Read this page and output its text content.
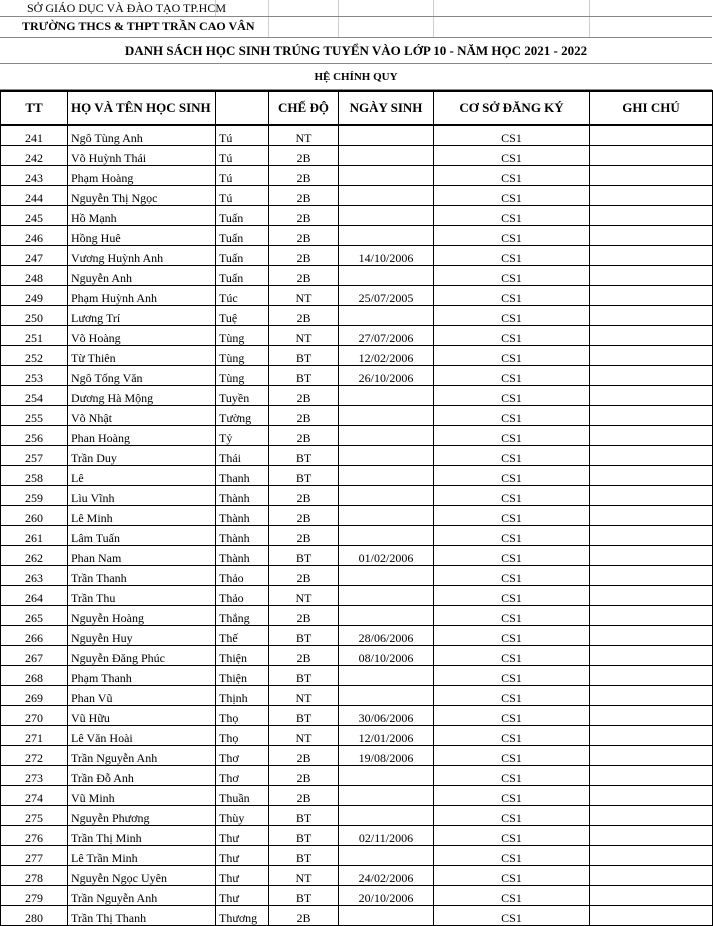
SỞ GIÁO DỤC VÀ ĐÀO TẠO TP.HCM
TRƯỜNG THCS & THPT TRẦN CAO VÂN
DANH SÁCH HỌC SINH TRÚNG TUYỂN VÀO LỚP 10 - NĂM HỌC 2021 - 2022
HỆ CHÍNH QUY
TT	HỌ VÀ TÊN HỌC SINH		CHẾ ĐỘ	NGÀY SINH	CƠ SỞ ĐĂNG KÝ	GHI CHÚ
241	Ngô Tùng Anh	Tú	NT		CS1	
242	Võ Huỳnh Thái	Tú	2B		CS1	
243	Phạm Hoàng	Tú	2B		CS1	
244	Nguyễn Thị Ngọc	Tú	2B		CS1	
245	Hồ Mạnh	Tuấn	2B		CS1	
246	Hồng Huê	Tuấn	2B		CS1	
247	Vương Huỳnh Anh	Tuấn	2B	14/10/2006	CS1	
248	Nguyễn Anh	Tuấn	2B		CS1	
249	Phạm Huỳnh Anh	Túc	NT	25/07/2005	CS1	
250	Lương Trí	Tuệ	2B		CS1	
251	Võ Hoàng	Tùng	NT	27/07/2006	CS1	
252	Từ Thiên	Tùng	BT	12/02/2006	CS1	
253	Ngô Tống Văn	Tùng	BT	26/10/2006	CS1	
254	Dương Hà Mộng	Tuyền	2B		CS1	
255	Võ Nhật	Tường	2B		CS1	
256	Phan Hoàng	Tỷ	2B		CS1	
257	Trần Duy	Thái	BT		CS1	
258	Lê	Thanh	BT		CS1	
259	Lìu Vĩnh	Thành	2B		CS1	
260	Lê Minh	Thành	2B		CS1	
261	Lâm Tuấn	Thành	2B		CS1	
262	Phan Nam	Thành	BT	01/02/2006	CS1	
263	Trần Thanh	Thảo	2B		CS1	
264	Trần Thu	Thảo	NT		CS1	
265	Nguyễn Hoàng	Thắng	2B		CS1	
266	Nguyễn Huy	Thế	BT	28/06/2006	CS1	
267	Nguyễn Đăng Phúc	Thiện	2B	08/10/2006	CS1	
268	Phạm Thanh	Thiện	BT		CS1	
269	Phan Vũ	Thịnh	NT		CS1	
270	Vũ Hữu	Thọ	BT	30/06/2006	CS1	
271	Lê Văn Hoài	Thọ	NT	12/01/2006	CS1	
272	Trần Nguyễn Anh	Thơ	2B	19/08/2006	CS1	
273	Trần Đỗ Anh	Thơ	2B		CS1	
274	Vũ Minh	Thuần	2B		CS1	
275	Nguyễn Phương	Thùy	BT		CS1	
276	Trần Thị Minh	Thư	BT	02/11/2006	CS1	
277	Lê Trần Minh	Thư	BT		CS1	
278	Nguyễn Ngọc Uyên	Thư	NT	24/02/2006	CS1	
279	Trần Nguyễn Anh	Thư	BT	20/10/2006	CS1	
280	Trần Thị Thanh	Thương	2B		CS1	
